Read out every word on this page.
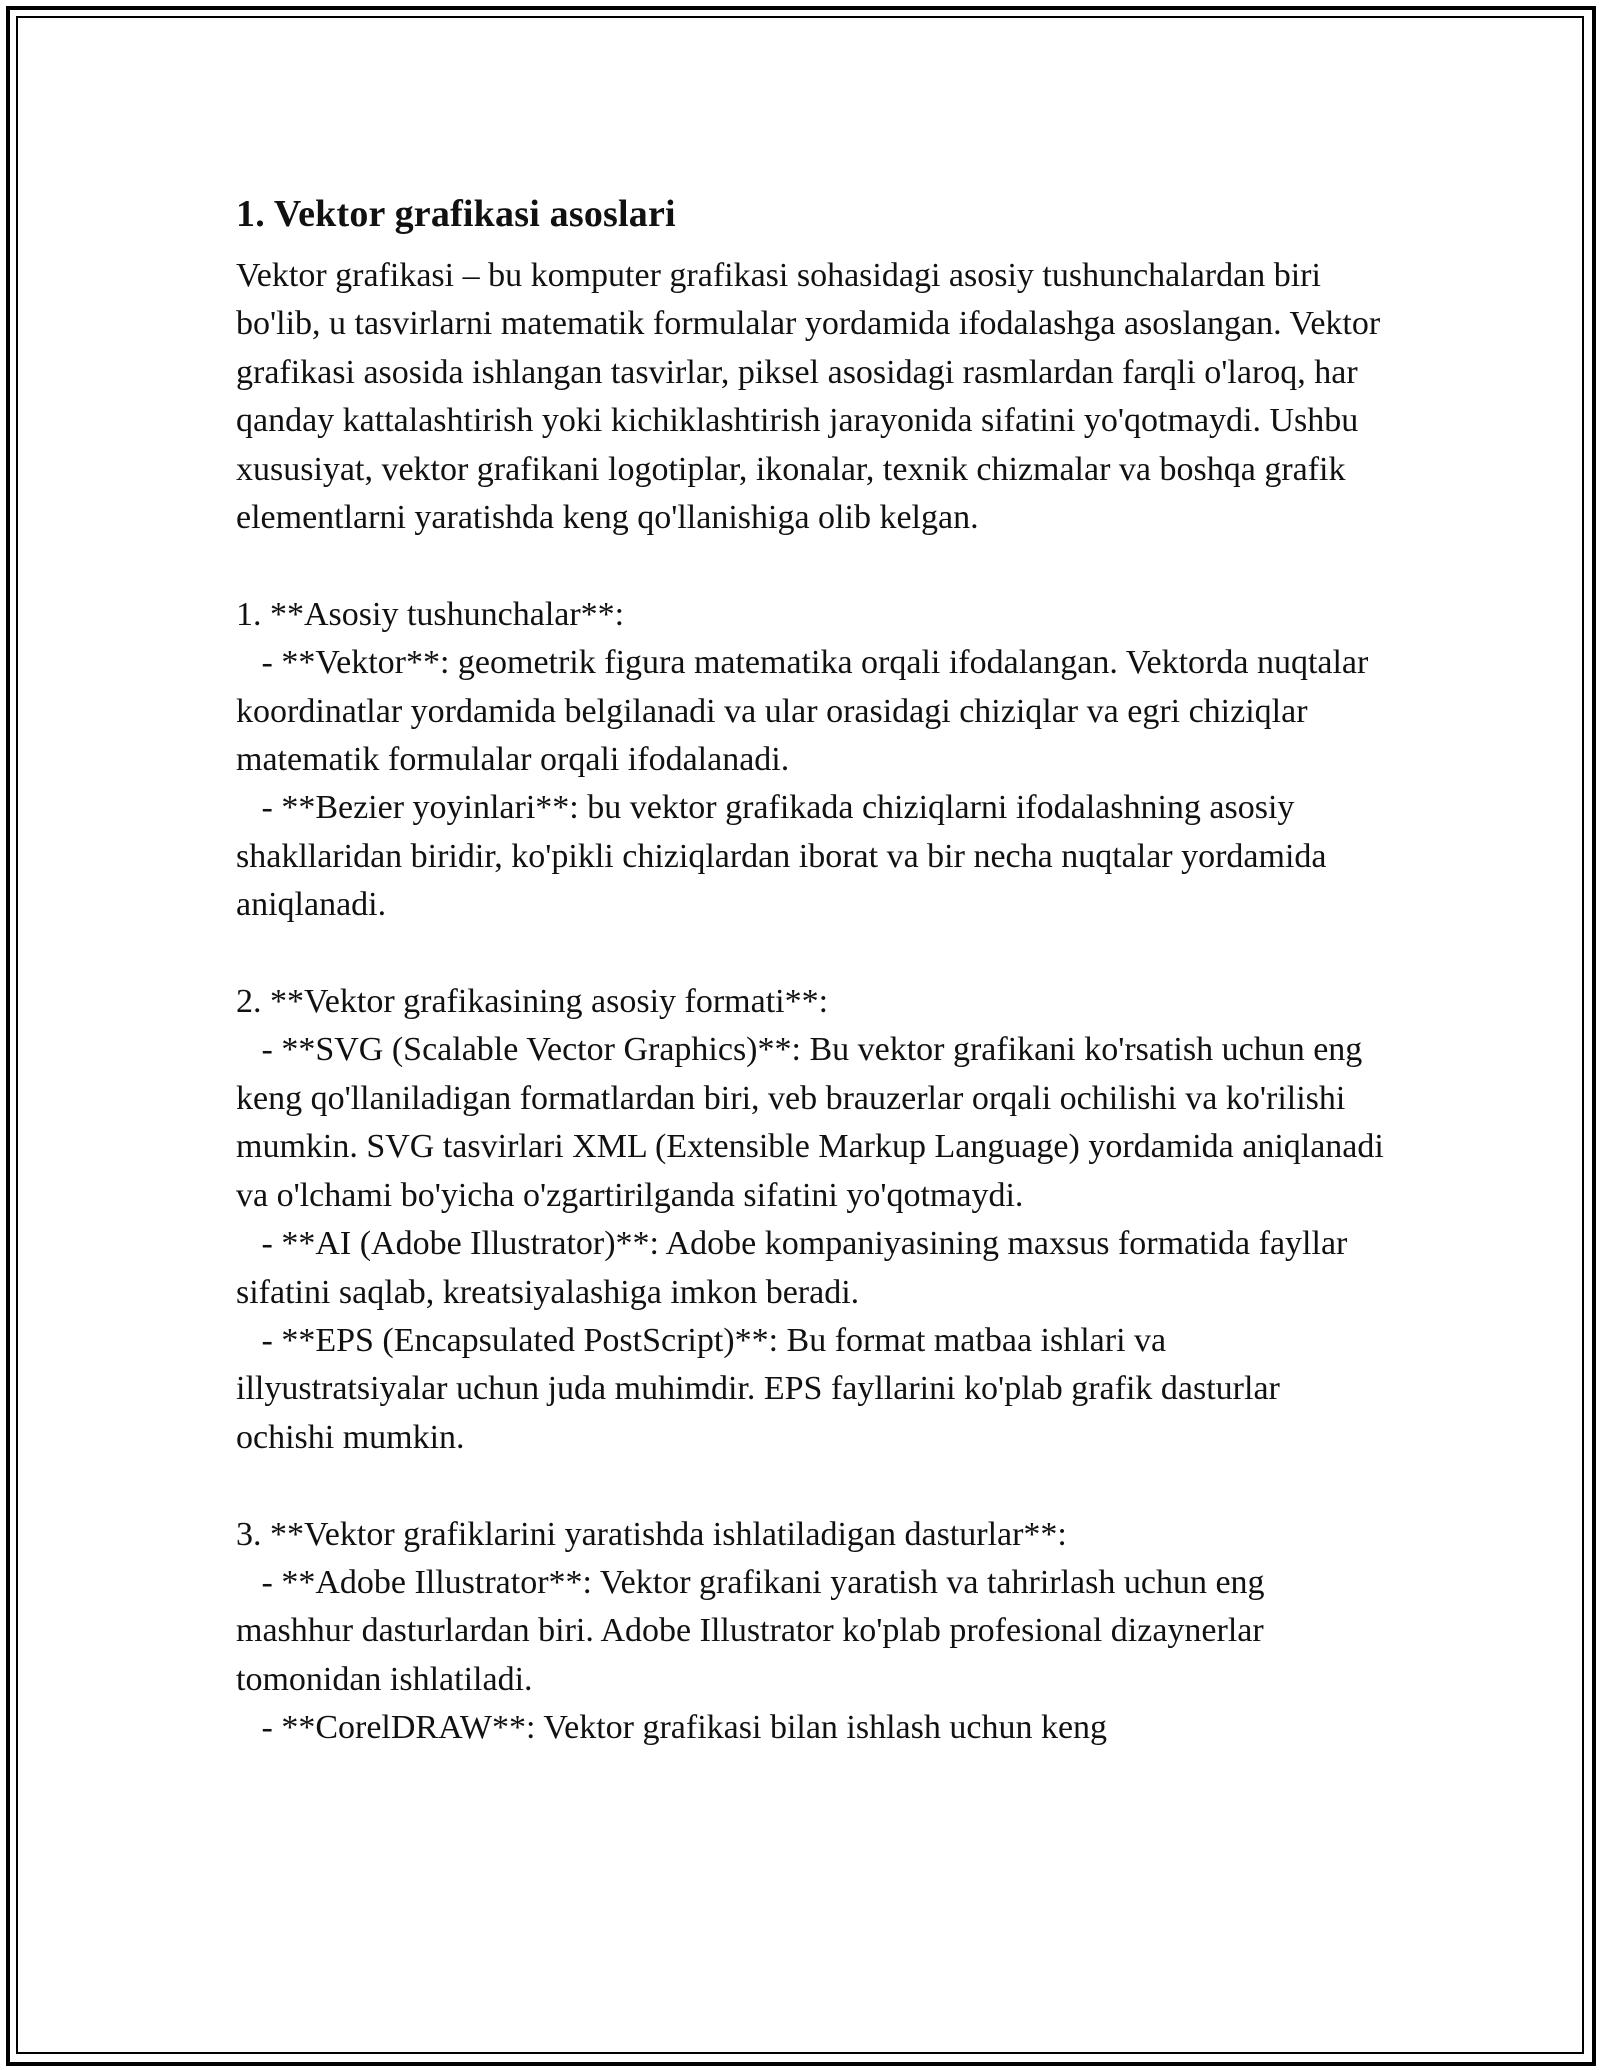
1. Vektor grafikasi asoslari

Vektor grafikasi – bu komputer grafikasi sohasidagi asosiy tushunchalardan biri bo'lib, u tasvirlarni matematik formulalar yordamida ifodalashga asoslangan. Vektor grafikasi asosida ishlangan tasvirlar, piksel asosidagi rasmlardan farqli o'laroq, har qanday kattalashtirish yoki kichiklashtirish jarayonida sifatini yo'qotmaydi. Ushbu xususiyat, vektor grafikani logotiplar, ikonalar, texnik chizmalar va boshqa grafik elementlarni yaratishda keng qo'llanishiga olib kelgan.

1. **Asosiy tushunchalar**:
- **Vektor**: geometrik figura matematika orqali ifodalangan. Vektorda nuqtalar koordinatlar yordamida belgilanadi va ular orasidagi chiziqlar va egri chiziqlar matematik formulalar orqali ifodalanadi.
- **Bezier yoyinlari**: bu vektor grafikada chiziqlarni ifodalashning asosiy shakllaridan biridir, ko'pikli chiziqlardan iborat va bir necha nuqtalar yordamida aniqlanadi.
2. **Vektor grafikasining asosiy formati**:
- **SVG (Scalable Vector Graphics)**: Bu vektor grafikani ko'rsatish uchun eng keng qo'llaniladigan formatlardan biri, veb brauzerlar orqali ochilishi va ko'rilishi mumkin. SVG tasvirlari XML (Extensible Markup Language) yordamida aniqlanadi va o'lchami bo'yicha o'zgartirilganda sifatini yo'qotmaydi.
- **AI (Adobe Illustrator)**: Adobe kompaniyasining maxsus formatida fayllar sifatini saqlab, kreatsiyalashiga imkon beradi.
- **EPS (Encapsulated PostScript)**: Bu format matbaa ishlari va illyustratsiyalar uchun juda muhimdir. EPS fayllarini ko'plab grafik dasturlar ochishi mumkin.
3. **Vektor grafiklarini yaratishda ishlatiladigan dasturlar**:
- **Adobe Illustrator**: Vektor grafikani yaratish va tahrirlash uchun eng mashhur dasturlardan biri. Adobe Illustrator ko'plab profesional dizaynerlar tomonidan ishlatiladi.
- **CorelDRAW**: Vektor grafikasi bilan ishlash uchun keng
